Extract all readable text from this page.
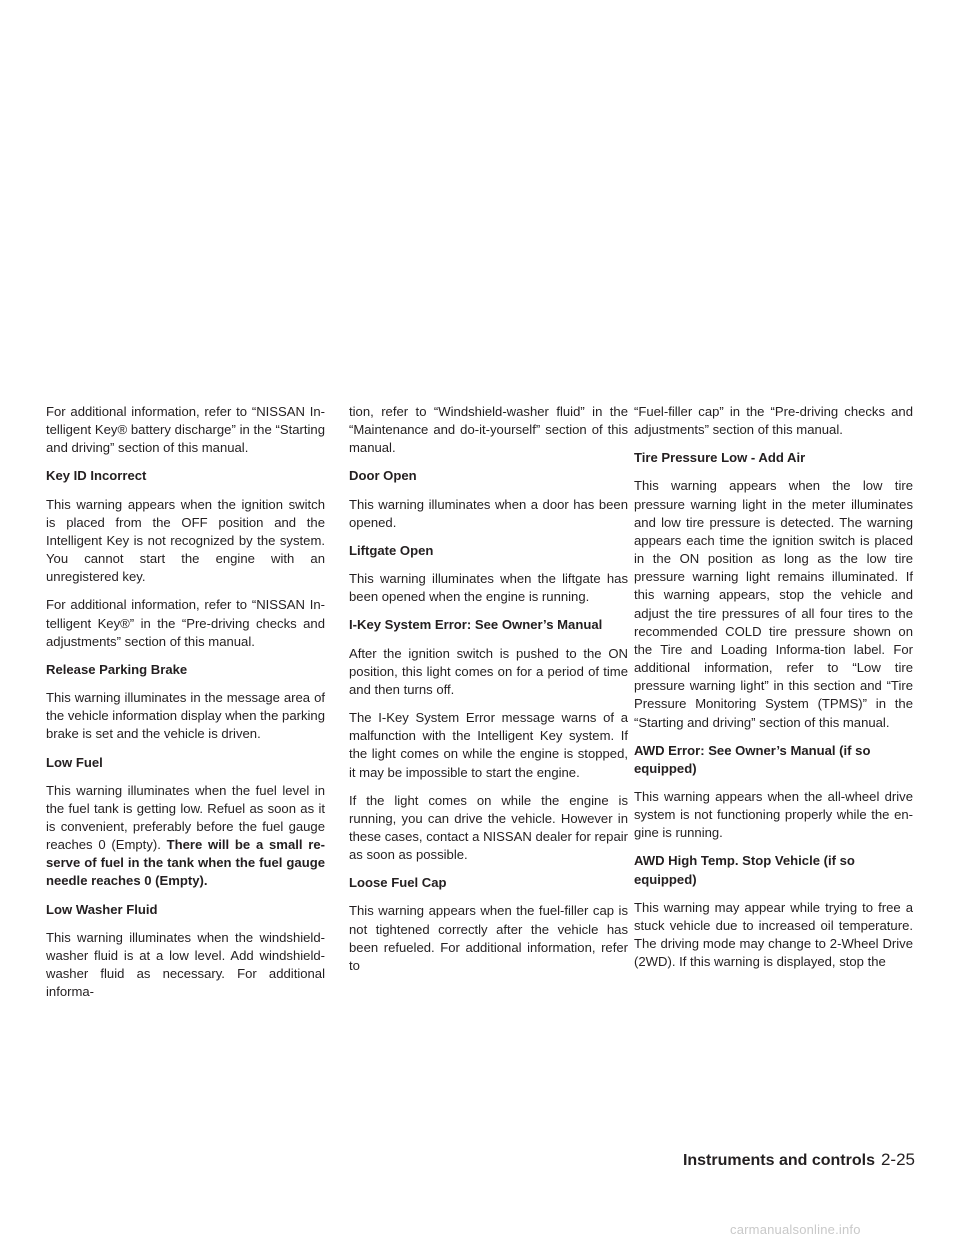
For additional information, refer to “NISSAN In-telligent Key® battery discharge” in the “Starting and driving” section of this manual.

Key ID Incorrect

This warning appears when the ignition switch is placed from the OFF position and the Intelligent Key is not recognized by the system. You cannot start the engine with an unregistered key.

For additional information, refer to “NISSAN In-telligent Key®” in the “Pre-driving checks and adjustments” section of this manual.

Release Parking Brake

This warning illuminates in the message area of the vehicle information display when the parking brake is set and the vehicle is driven.

Low Fuel

This warning illuminates when the fuel level in the fuel tank is getting low. Refuel as soon as it is convenient, preferably before the fuel gauge reaches 0 (Empty). There will be a small re-serve of fuel in the tank when the fuel gauge needle reaches 0 (Empty).

Low Washer Fluid

This warning illuminates when the windshield-washer fluid is at a low level. Add windshield-washer fluid as necessary. For additional informa-

tion, refer to “Windshield-washer fluid” in the “Maintenance and do-it-yourself” section of this manual.

Door Open

This warning illuminates when a door has been opened.

Liftgate Open

This warning illuminates when the liftgate has been opened when the engine is running.

I-Key System Error: See Owner’s Manual

After the ignition switch is pushed to the ON position, this light comes on for a period of time and then turns off.

The I-Key System Error message warns of a malfunction with the Intelligent Key system. If the light comes on while the engine is stopped, it may be impossible to start the engine.

If the light comes on while the engine is running, you can drive the vehicle. However in these cases, contact a NISSAN dealer for repair as soon as possible.

Loose Fuel Cap

This warning appears when the fuel-filler cap is not tightened correctly after the vehicle has been refueled. For additional information, refer to

“Fuel-filler cap” in the “Pre-driving checks and adjustments” section of this manual.

Tire Pressure Low - Add Air

This warning appears when the low tire pressure warning light in the meter illuminates and low tire pressure is detected. The warning appears each time the ignition switch is placed in the ON position as long as the low tire pressure warning light remains illuminated. If this warning appears, stop the vehicle and adjust the tire pressures of all four tires to the recommended COLD tire pressure shown on the Tire and Loading Informa-tion label. For additional information, refer to “Low tire pressure warning light” in this section and “Tire Pressure Monitoring System (TPMS)” in the “Starting and driving” section of this manual.

AWD Error: See Owner’s Manual (if so equipped)

This warning appears when the all-wheel drive system is not functioning properly while the en-gine is running.

AWD High Temp. Stop Vehicle (if so equipped)

This warning may appear while trying to free a stuck vehicle due to increased oil temperature. The driving mode may change to 2-Wheel Drive (2WD). If this warning is displayed, stop the

Instruments and controls 2-25
carmanualsonline.info
